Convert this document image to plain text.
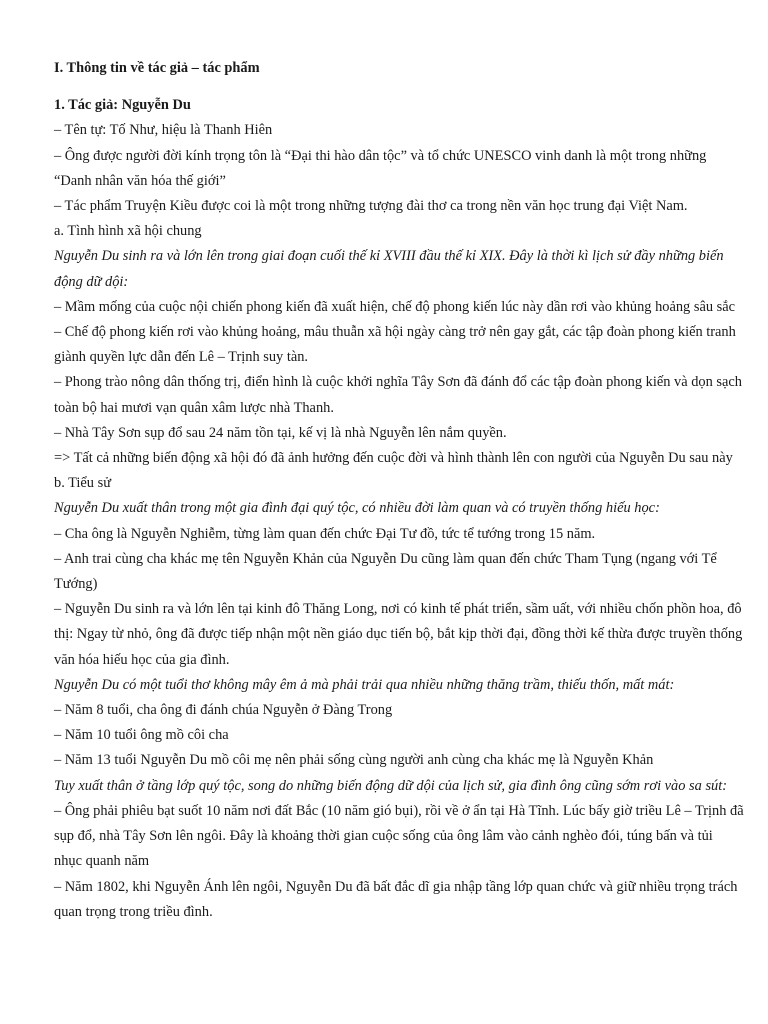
I. Thông tin về tác giả – tác phẩm

1. Tác giả: Nguyễn Du

– Tên tự: Tố Như, hiệu là Thanh Hiên

– Ông được người đời kính trọng tôn là “Đại thi hào dân tộc” và tổ chức UNESCO vinh danh là một trong những “Danh nhân văn hóa thế giới”

– Tác phẩm Truyện Kiều được coi là một trong những tượng đài thơ ca trong nền văn học trung đại Việt Nam.

a. Tình hình xã hội chung

Nguyễn Du sinh ra và lớn lên trong giai đoạn cuối thế kỉ XVIII đầu thế kỉ XIX. Đây là thời kì lịch sử đầy những biến động dữ dội:

– Mầm mống của cuộc nội chiến phong kiến đã xuất hiện, chế độ phong kiến lúc này dần rơi vào khủng hoảng sâu sắc

– Chế độ phong kiến rơi vào khủng hoảng, mâu thuẫn xã hội ngày càng trở nên gay gắt, các tập đoàn phong kiến tranh giành quyền lực dẫn đến Lê – Trịnh suy tàn.

– Phong trào nông dân thống trị, điển hình là cuộc khởi nghĩa Tây Sơn đã đánh đổ các tập đoàn phong kiến và dọn sạch toàn bộ hai mươi vạn quân xâm lược nhà Thanh.

– Nhà Tây Sơn sụp đổ sau 24 năm tồn tại, kế vị là nhà Nguyễn lên nắm quyền.

=> Tất cả những biến động xã hội đó đã ảnh hưởng đến cuộc đời và hình thành lên con người của Nguyễn Du sau này

b. Tiểu sử

Nguyễn Du xuất thân trong một gia đình đại quý tộc, có nhiều đời làm quan và có truyền thống hiếu học:

– Cha ông là Nguyễn Nghiễm, từng làm quan đến chức Đại Tư đồ, tức tể tướng trong 15 năm.

– Anh trai cùng cha khác mẹ tên Nguyễn Khản của Nguyễn Du cũng làm quan đến chức Tham Tụng (ngang với Tể Tướng)

– Nguyễn Du sinh ra và lớn lên tại kinh đô Thăng Long, nơi có kinh tế phát triển, sầm uất, với nhiều chốn phồn hoa, đô thị: Ngay từ nhỏ, ông đã được tiếp nhận một nền giáo dục tiến bộ, bắt kịp thời đại, đồng thời kế thừa được truyền thống văn hóa hiếu học của gia đình.

Nguyễn Du có một tuổi thơ không mây êm ả mà phải trải qua nhiều những thăng trầm, thiếu thốn, mất mát:

– Năm 8 tuổi, cha ông đi đánh chúa Nguyễn ở Đàng Trong

– Năm 10 tuổi ông mồ côi cha

– Năm 13 tuổi Nguyễn Du mồ côi mẹ nên phải sống cùng người anh cùng cha khác mẹ là Nguyễn Khản

Tuy xuất thân ở tầng lớp quý tộc, song do những biến động dữ dội của lịch sử, gia đình ông cũng sớm rơi vào sa sút:

– Ông phải phiêu bạt suốt 10 năm nơi đất Bắc (10 năm gió bụi), rồi về ở ẩn tại Hà Tĩnh. Lúc bấy giờ triều Lê – Trịnh đã sụp đổ, nhà Tây Sơn lên ngôi. Đây là khoảng thời gian cuộc sống của ông lâm vào cảnh nghèo đói, túng bấn và tủi nhục quanh năm

– Năm 1802, khi Nguyễn Ánh lên ngôi, Nguyễn Du đã bất đắc dĩ gia nhập tầng lớp quan chức và giữ nhiều trọng trách quan trọng trong triều đình.
